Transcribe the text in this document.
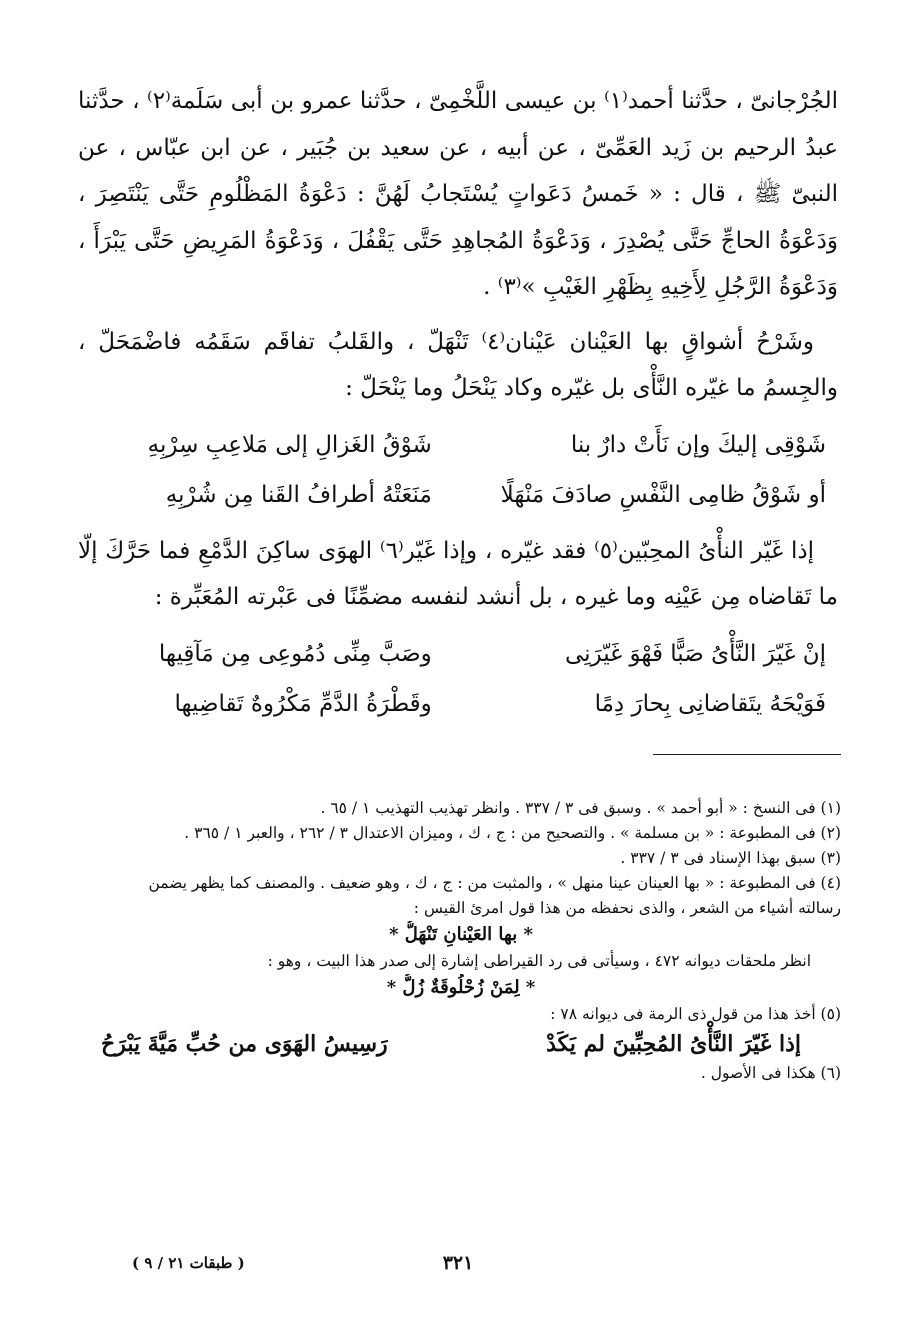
الجُرْجانىّ ، حدَّثنا أحمد⁽١⁾ بن عيسى اللَّخْمِىّ ، حدَّثنا عمرو بن أبى سَلَمة⁽٢⁾ ، حدَّثنا عبدُ الرحيم بن زَيد العَمِّىّ ، عن أبيه ، عن سعيد بن جُبَير ، عن ابن عبّاس ، عن النبىّ ﷺ ، قال : « خَمسُ دَعَواتٍ يُسْتَجابُ لَهُنَّ : دَعْوَةُ المَظْلُومِ حَتَّى يَنْتَصِرَ ، وَدَعْوَةُ الحاجِّ حَتَّى يُصْدِرَ ، وَدَعْوَةُ المُجاهِدِ حَتَّى يَقْفُلَ ، وَدَعْوَةُ المَرِيضِ حَتَّى يَبْرَأَ ، وَدَعْوَةُ الرَّجُلِ لِأَخِيهِ بِظَهْرِ الغَيْبِ »⁽٣⁾ .

وشَرْحُ أشواقٍ بها العَيْنان عَيْنان⁽٤⁾ تَنْهَلّ ، والقَلبُ تفاقَم سَقَمُه فاضْمَحَلّ ، والجِسمُ ما غيّره النَّأْى بل غيّره وكاد يَنْحَلُ وما يَنْحَلّ :

شَوْقِى إليكَ وإن نَأَتْ دارٌ بنا
شَوْقُ الغَزالِ إلى مَلاعِبِ سِرْبِهِ
أو شَوْقُ ظامِى النَّفْسِ صادَفَ مَنْهَلًا
مَنَعَتْهُ أطرافُ القَنا مِن شُرْبِهِ

إذا غَيّر النأْىُ المحِبّين⁽٥⁾ فقد غيّره ، وإذا غَيّر⁽٦⁾ الهوَى ساكِنَ الدَّمْعِ فما حَرَّكَ إلّا ما تَقاضاه مِن عَيْنِه وما غيره ، بل أنشد لنفسه مضمِّنًا فى عَبْرته المُعَبِّرة :

إنْ غَيّرَ النَّأْىُ صَبًّا فَهْوَ غَيّرَنِى
وصَبَّ مِنِّى دُمُوعِى مِن مَآقِيها
فَوَيْحَهُ يتَقاضانِى بِحارَ دِمًا
وقَطْرَةُ الدَّمِّ مَكْرُوهٌ تَقاضِيها

(١) فى النسخ : « أبو أحمد » . وسبق فى ٣ / ٣٣٧ . وانظر تهذيب التهذيب ١ / ٦٥ .

(٢) فى المطبوعة : « بن مسلمة » . والتصحيح من : ج ، ك ، وميزان الاعتدال ٣ / ٢٦٢ ، والعبر ١ / ٣٦٥ .

(٣) سبق بهذا الإسناد فى ٣ / ٣٣٧ .

(٤) فى المطبوعة : « بها العينان عينا منهل » ، والمثبت من : ج ، ك ، وهو ضعيف . والمصنف كما يظهر يضمن

رسالته أشياء من الشعر ، والذى نحفظه من هذا قول امرئ القيس :

* بها العَيْنانِ تَنْهَلُّ *

انظر ملحقات ديوانه ٤٧٢ ، وسيأتى فى رد القيراطى إشارة إلى صدر هذا البيت ، وهو :

* لِمَنْ زُحْلُوقَةٌ زُلُّ *

(٥) أخذ هذا من قول ذى الرمة فى ديوانه ٧٨ :

إذا غَيّرَ النَّأْىُ المُحِبِّينَ لم يَكَدْ
رَسِيسُ الهَوَى من حُبِّ مَيَّةَ يَبْرَحُ

(٦) هكذا فى الأصول .

٣٢١
( طبقات ٢١ / ٩ )
